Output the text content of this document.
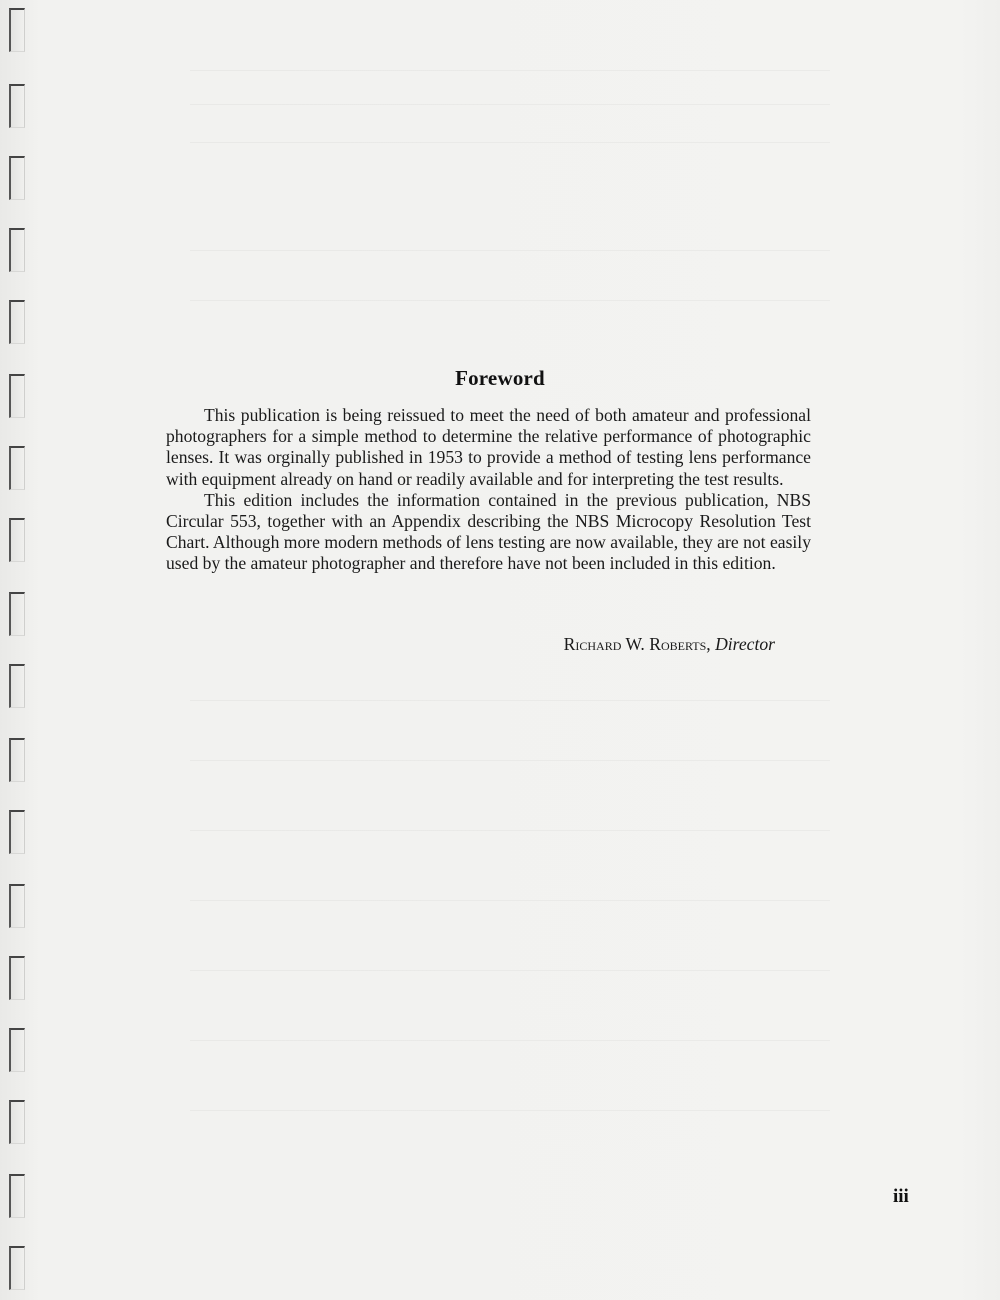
Foreword

This publication is being reissued to meet the need of both amateur and professional photographers for a simple method to determine the relative performance of photographic lenses. It was orginally published in 1953 to provide a method of testing lens performance with equipment already on hand or readily available and for interpreting the test results.

This edition includes the information contained in the previous publication, NBS Circular 553, together with an Appendix describing the NBS Microcopy Resolution Test Chart. Although more modern methods of lens testing are now available, they are not easily used by the amateur photographer and therefore have not been included in this edition.

Richard W. Roberts, Director
iii
